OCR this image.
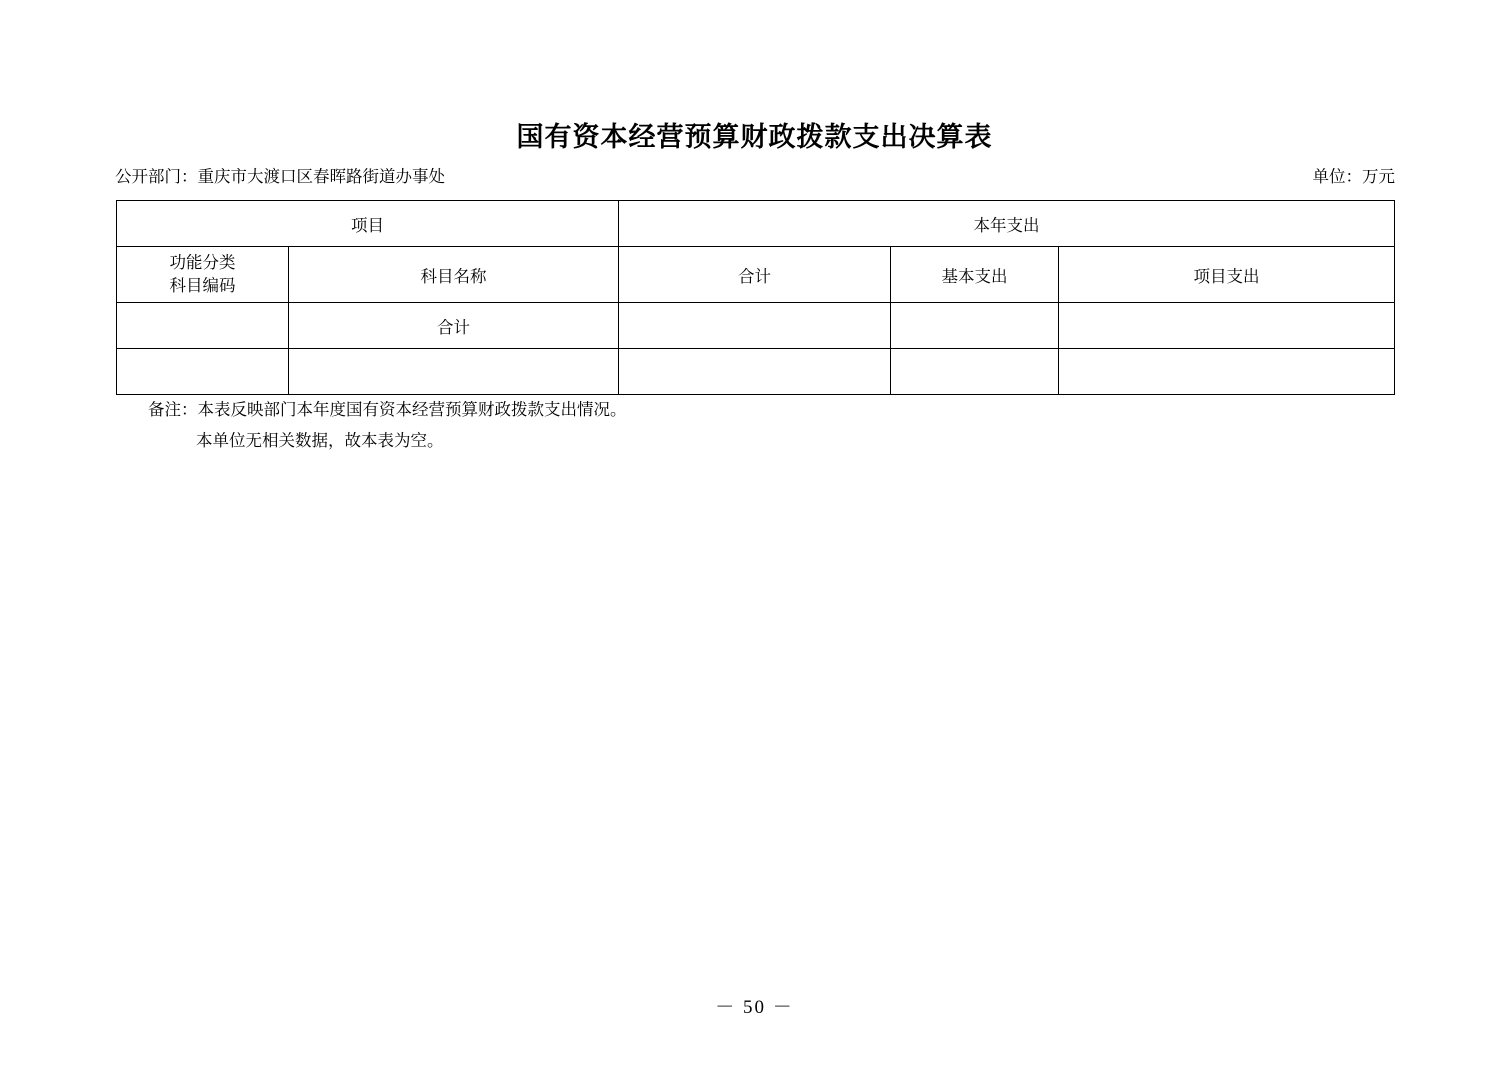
国有资本经营预算财政拨款支出决算表
公开部门：重庆市大渡口区春晖路街道办事处	单位：万元
项目		本年支出		

功能分类
科目编码	科目名称	合计	基本支出	项目支出
	合计			

备注：本表反映部门本年度国有资本经营预算财政拨款支出情况。
本单位无相关数据，故本表为空。
－ 50 －
